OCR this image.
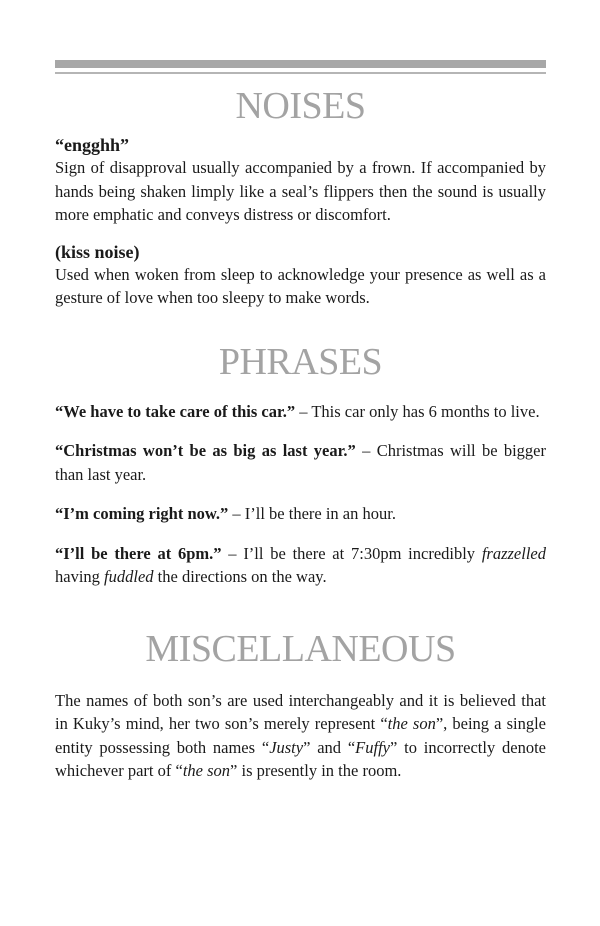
NOISES

“engghh”

Sign of disapproval usually accompanied by a frown. If accompanied by hands being shaken limply like a seal’s flippers then the sound is usually more emphatic and conveys distress or discomfort.

(kiss noise)

Used when woken from sleep to acknowledge your presence as well as a gesture of love when too sleepy to make words.

PHRASES

“We have to take care of this car.” – This car only has 6 months to live.

“Christmas won’t be as big as last year.” – Christmas will be bigger than last year.

“I’m coming right now.” – I’ll be there in an hour.

“I’ll be there at 6pm.” – I’ll be there at 7:30pm incredibly frazzelled having fuddled the directions on the way.

MISCELLANEOUS

The names of both son’s are used interchangeably and it is believed that in Kuky’s mind, her two son’s merely represent “the son”, being a single entity possessing both names “Justy” and “Fuffy” to incorrectly denote whichever part of “the son” is presently in the room.
